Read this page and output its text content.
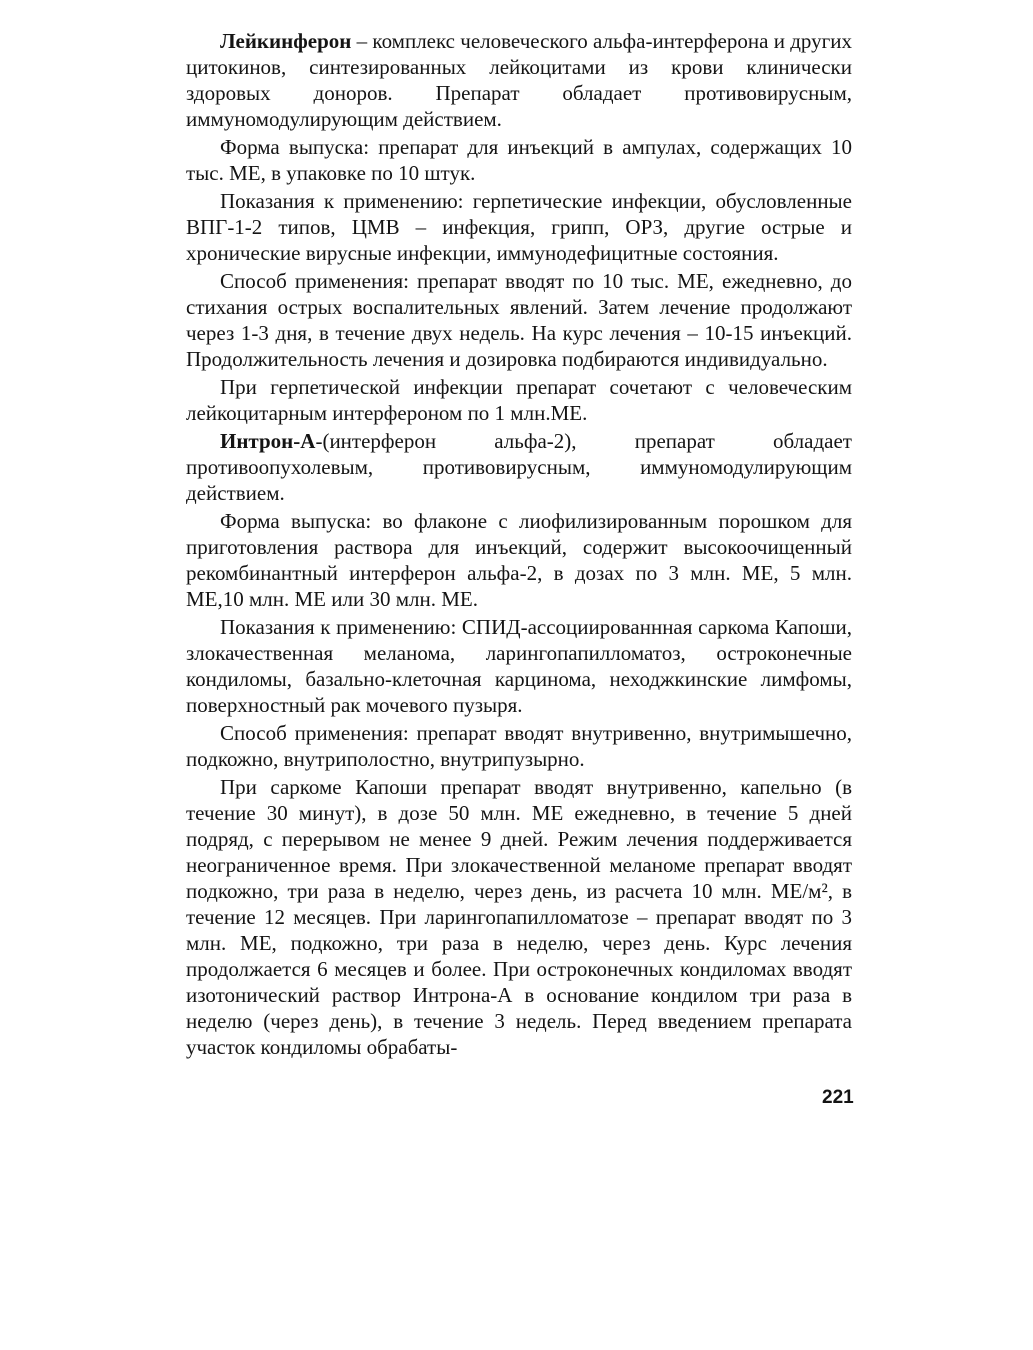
Лейкинферон – комплекс человеческого альфа-интерферона и других цитокинов, синтезированных лейкоцитами из крови клинически здоровых доноров. Препарат обладает противовирусным, иммуномодулирующим действием.

Форма выпуска: препарат для инъекций в ампулах, содержащих 10 тыс. МЕ, в упаковке по 10 штук.

Показания к применению: герпетические инфекции, обусловленные ВПГ-1-2 типов, ЦМВ – инфекция, грипп, ОРЗ, другие острые и хронические вирусные инфекции, иммунодефицитные состояния.

Способ применения: препарат вводят по 10 тыс. МЕ, ежедневно, до стихания острых воспалительных явлений. Затем лечение продолжают через 1-3 дня, в течение двух недель. На курс лечения – 10-15 инъекций. Продолжительность лечения и дозировка подбираются индивидуально.

При герпетической инфекции препарат сочетают с человеческим лейкоцитарным интерфероном по 1 млн.МЕ.

Интрон-А-(интерферон альфа-2), препарат обладает противоопухолевым, противовирусным, иммуномодулирующим действием.

Форма выпуска: во флаконе с лиофилизированным порошком для приготовления раствора для инъекций, содержит высокоочищенный рекомбинантный интерферон альфа-2, в дозах по 3 млн. МЕ, 5 млн. МЕ,10 млн. МЕ или 30 млн. МЕ.

Показания к применению: СПИД-ассоциированнная саркома Капоши, злокачественная меланома, ларингопапилломатоз, остроконечные кондиломы, базально-клеточная карцинома, неходжкинские лимфомы, поверхностный рак мочевого пузыря.

Способ применения: препарат вводят внутривенно, внутримышечно, подкожно, внутриполостно, внутрипузырно.

При саркоме Капоши препарат вводят внутривенно, капельно (в течение 30 минут), в дозе 50 млн. МЕ ежедневно, в течение 5 дней подряд, с перерывом не менее 9 дней. Режим лечения поддерживается неограниченное время. При злокачественной меланоме препарат вводят подкожно, три раза в неделю, через день, из расчета 10 млн. МЕ/м², в течение 12 месяцев. При ларингопапилломатозе – препарат вводят по 3 млн. МЕ, подкожно, три раза в неделю, через день. Курс лечения продолжается 6 месяцев и более. При остроконечных кондиломах вводят изотонический раствор Интрона-А в основание кондилом три раза в неделю (через день), в течение 3 недель. Перед введением препарата участок кондиломы обрабаты-

221
